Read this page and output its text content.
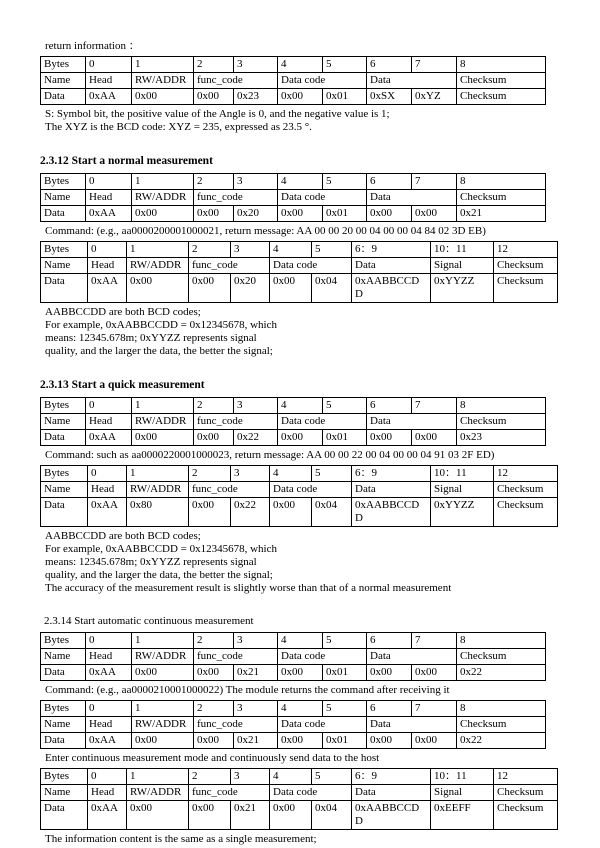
return information ：
Bytes	0	1	2	3	4	5	6	7	8
Name	Head	RW/ADDR	func_code		Data code		Data		Checksum
Data	0xAA	0x00	0x00	0x23	0x00	0x01	0xSX	0xYZ	Checksum
S: Symbol bit, the positive value of the Angle is 0, and the negative value is 1;
The XYZ is the BCD code: XYZ = 235, expressed as 23.5 °.
2.3.12 Start a normal measurement
Bytes	0	1	2	3	4	5	6	7	8
Name	Head	RW/ADDR	func_code		Data code		Data		Checksum
Data	0xAA	0x00	0x00	0x20	0x00	0x01	0x00	0x00	0x21
Command: (e.g., aa0000200001000021, return message: AA 00 00 20 00 04 00 00 04 84 02 3D EB)
Bytes	0	1	2	3	4	5	6：9	10：11	12
Name	Head	RW/ADDR	func_code		Data code		Data	Signal	Checksum
Data	0xAA	0x00	0x00	0x20	0x00	0x04	0xAABBCCDD	0xYYZZ	Checksum
AABBCCDD are both BCD codes;
For example, 0xAABBCCDD = 0x12345678, which
means: 12345.678m; 0xYYZZ represents signal
quality, and the larger the data, the better the signal;
2.3.13 Start a quick measurement
Bytes	0	1	2	3	4	5	6	7	8
Name	Head	RW/ADDR	func_code		Data code		Data		Checksum
Data	0xAA	0x00	0x00	0x22	0x00	0x01	0x00	0x00	0x23
Command: such as aa0000220001000023, return message: AA 00 00 22 00 04 00 00 04 91 03 2F ED)
Bytes	0	1	2	3	4	5	6：9	10：11	12
Name	Head	RW/ADDR	func_code		Data code		Data	Signal	Checksum
Data	0xAA	0x80	0x00	0x22	0x00	0x04	0xAABBCCDD	0xYYZZ	Checksum
AABBCCDD are both BCD codes;
For example, 0xAABBCCDD = 0x12345678, which
means: 12345.678m; 0xYYZZ represents signal
quality, and the larger the data, the better the signal;
The accuracy of the measurement result is slightly worse than that of a normal measurement
2.3.14 Start automatic continuous measurement
Bytes	0	1	2	3	4	5	6	7	8
Name	Head	RW/ADDR	func_code		Data code		Data		Checksum
Data	0xAA	0x00	0x00	0x21	0x00	0x01	0x00	0x00	0x22
Command: (e.g., aa0000210001000022) The module returns the command after receiving it
Bytes	0	1	2	3	4	5	6	7	8
Name	Head	RW/ADDR	func_code		Data code		Data		Checksum
Data	0xAA	0x00	0x00	0x21	0x00	0x01	0x00	0x00	0x22
Enter continuous measurement mode and continuously send data to the host
Bytes	0	1	2	3	4	5	6：9	10：11	12
Name	Head	RW/ADDR	func_code		Data code		Data	Signal	Checksum
Data	0xAA	0x00	0x00	0x21	0x00	0x04	0xAABBCCDD	0xEEFF	Checksum
The information content is the same as a single measurement;
